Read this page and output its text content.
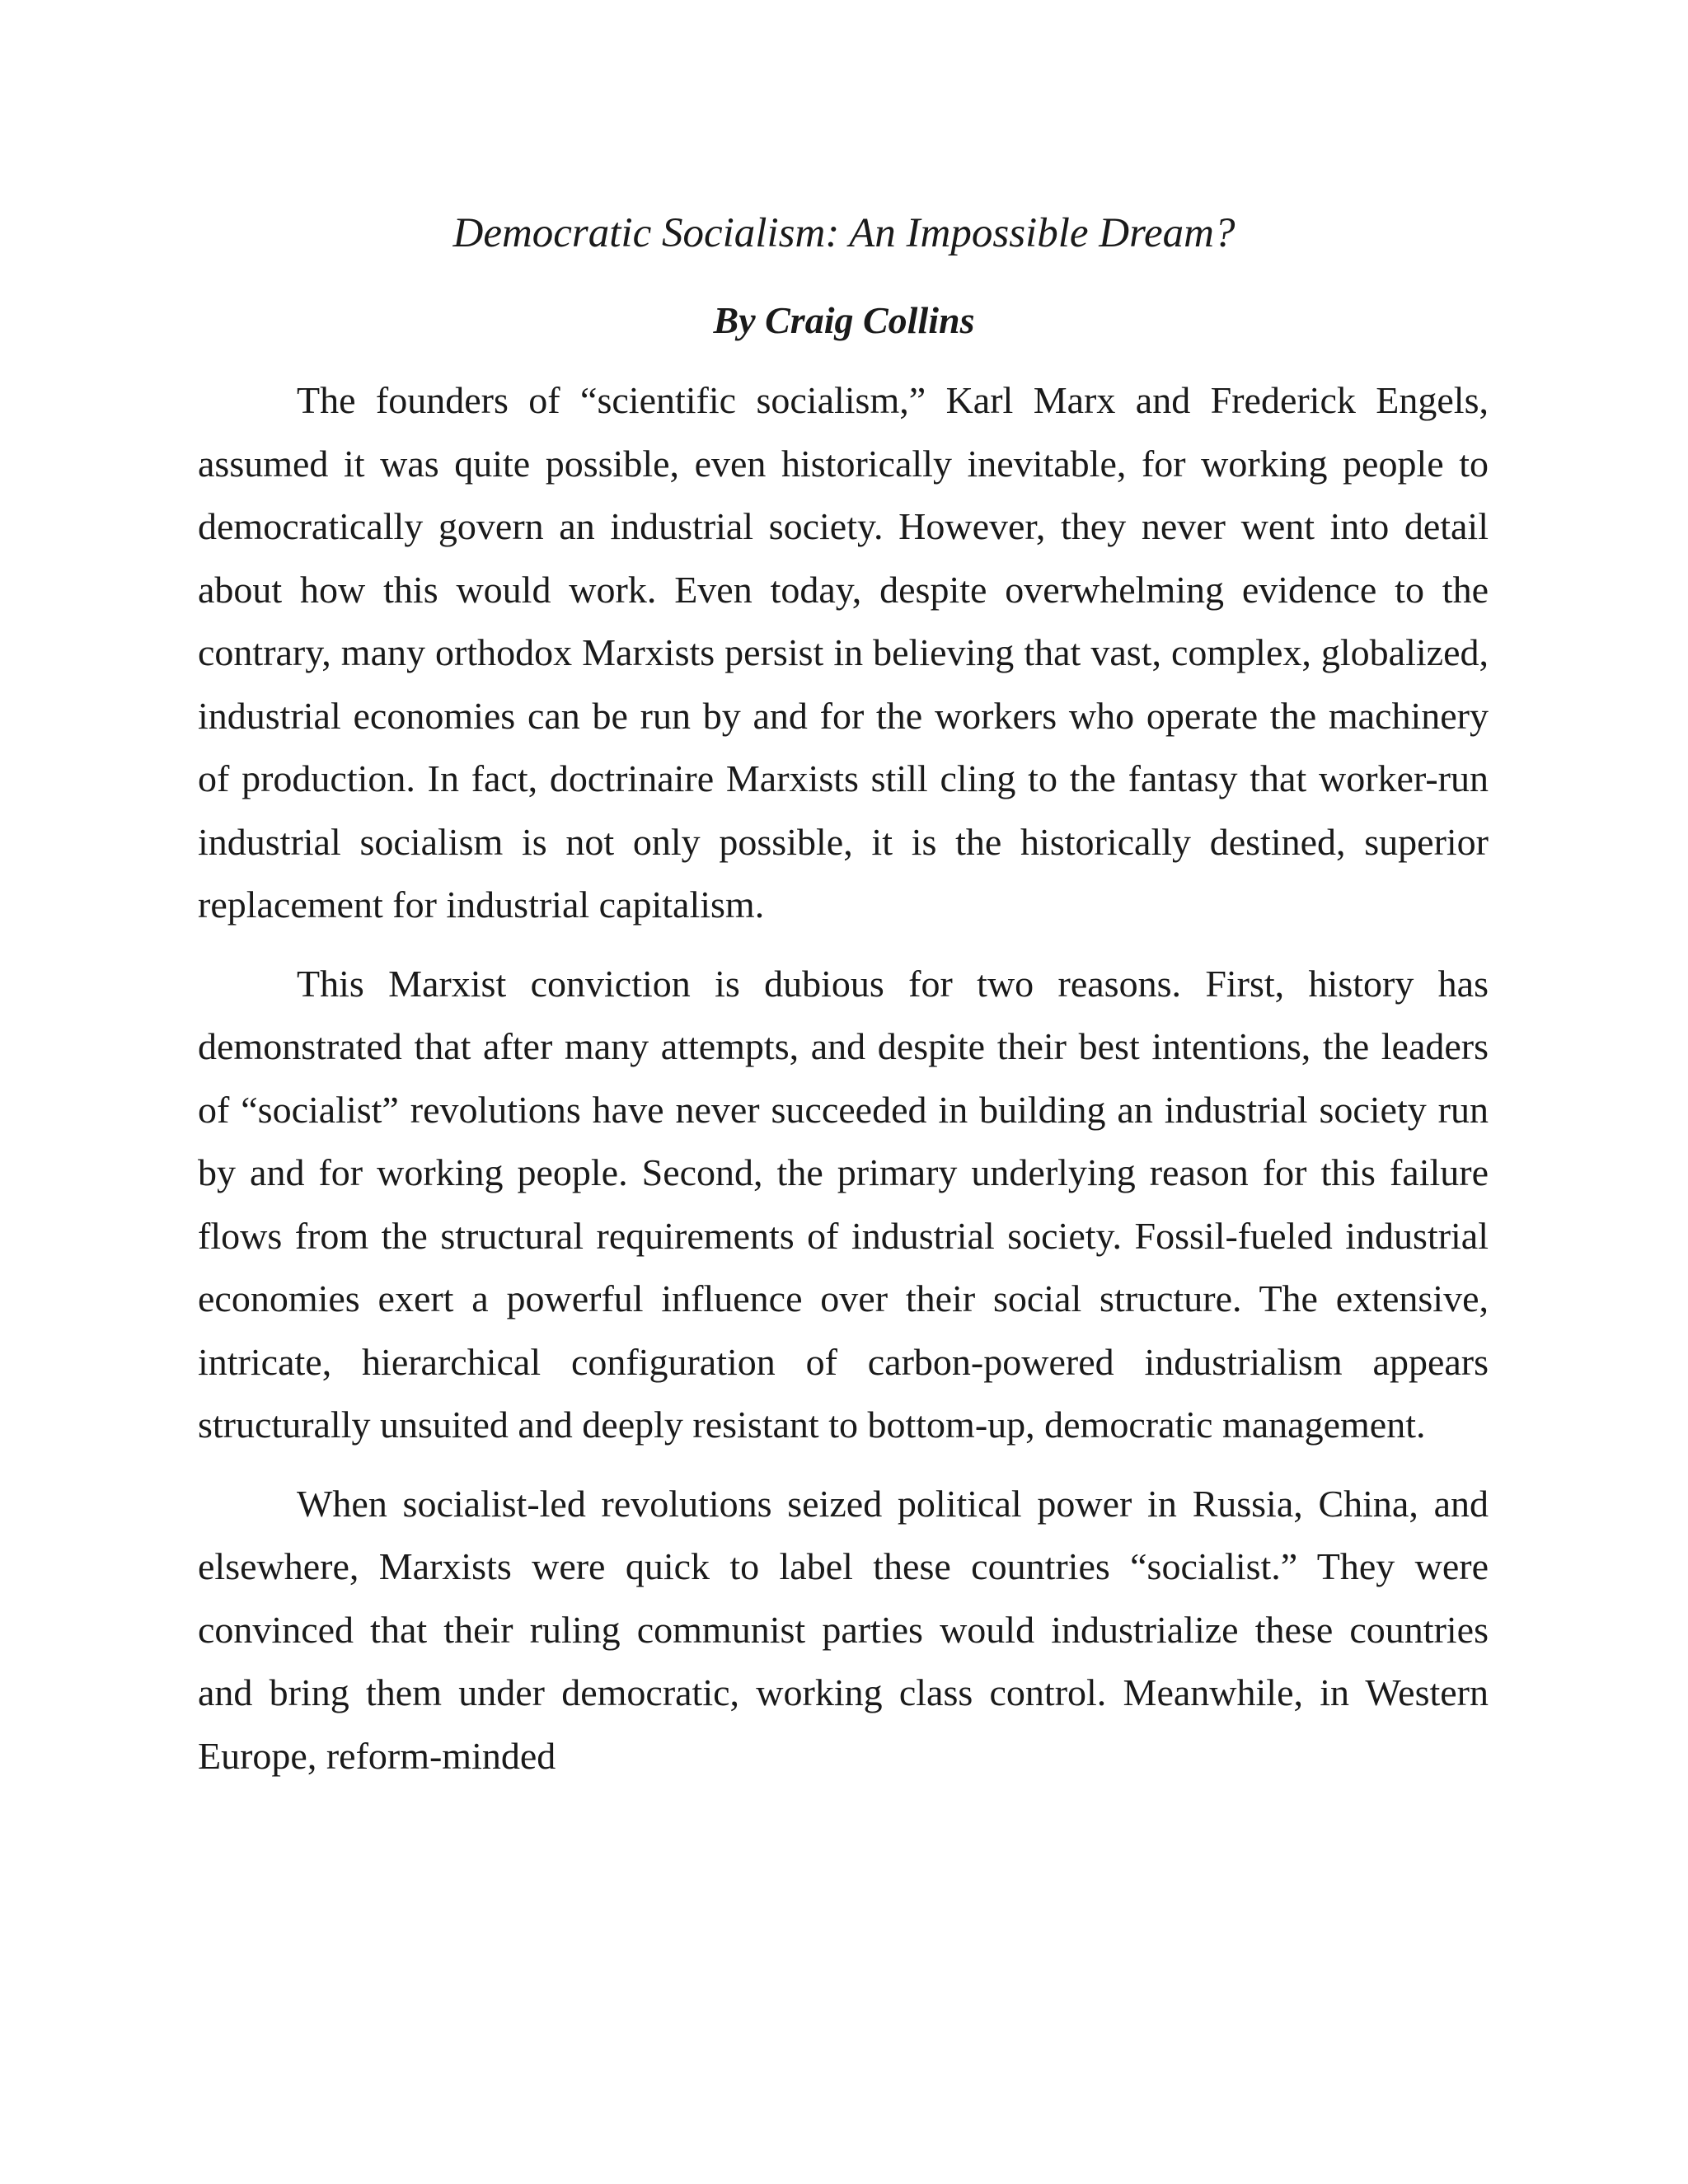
Democratic Socialism: An Impossible Dream?
By Craig Collins

The founders of “scientific socialism,” Karl Marx and Frederick Engels, assumed it was quite possible, even historically inevitable, for working people to democratically govern an industrial society. However, they never went into detail about how this would work. Even today, despite overwhelming evidence to the contrary, many orthodox Marxists persist in believing that vast, complex, globalized, industrial economies can be run by and for the workers who operate the machinery of production. In fact, doctrinaire Marxists still cling to the fantasy that worker-run industrial socialism is not only possible, it is the historically destined, superior replacement for industrial capitalism.

This Marxist conviction is dubious for two reasons. First, history has demonstrated that after many attempts, and despite their best intentions, the leaders of “socialist” revolutions have never succeeded in building an industrial society run by and for working people. Second, the primary underlying reason for this failure flows from the structural requirements of industrial society. Fossil-fueled industrial economies exert a powerful influence over their social structure. The extensive, intricate, hierarchical configuration of carbon-powered industrialism appears structurally unsuited and deeply resistant to bottom-up, democratic management.

When socialist-led revolutions seized political power in Russia, China, and elsewhere, Marxists were quick to label these countries “socialist.” They were convinced that their ruling communist parties would industrialize these countries and bring them under democratic, working class control. Meanwhile, in Western Europe, reform-minded
